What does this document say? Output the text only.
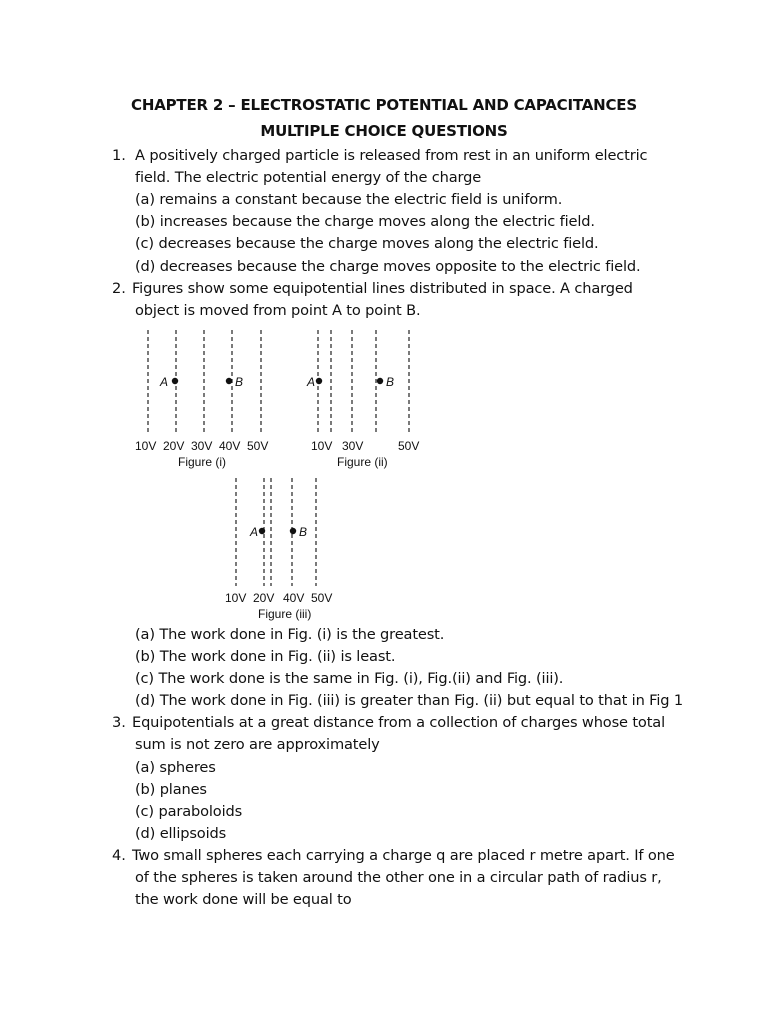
CHAPTER 2 – ELECTROSTATIC POTENTIAL AND CAPACITANCES
MULTIPLE CHOICE QUESTIONS
1. A positively charged particle is released from rest in an uniform electric
field. The electric potential energy of the charge
(a) remains a constant because the electric field is uniform.
(b) increases because the charge moves along the electric field.
(c) decreases because the charge moves along the electric field.
(d) decreases because the charge moves opposite to the electric field.
2. Figures show some equipotential lines distributed in space. A charged
object is moved from point A to point B.
A	B
10V 20V 30V 40V 50V
Figure (i)
A	B
10V 30V	50V
Figure (ii)
A	B
10V 20V 40V 50V
Figure (iii)
(a) The work done in Fig. (i) is the greatest.
(b) The work done in Fig. (ii) is least.
(c) The work done is the same in Fig. (i), Fig.(ii) and Fig. (iii).
(d) The work done in Fig. (iii) is greater than Fig. (ii) but equal to that in Fig 1
3. Equipotentials at a great distance from a collection of charges whose total
sum is not zero are approximately
(a) spheres
(b) planes
(c) paraboloids
(d) ellipsoids
4. Two small spheres each carrying a charge q are placed r metre apart. If one
of the spheres is taken around the other one in a circular path of radius r,
the work done will be equal to
